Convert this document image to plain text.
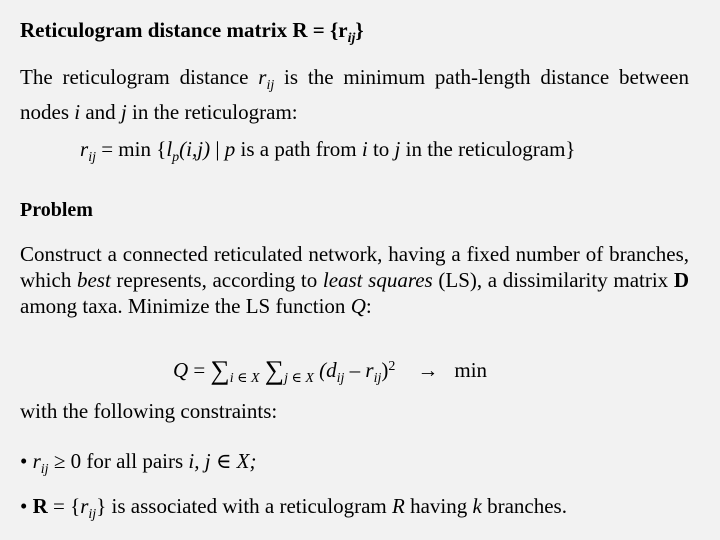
Reticulogram distance matrix $R = \{r_{ij}\}$
The reticulogram distance $r_{ij}$ is the minimum path-length distance between nodes i and j in the reticulogram:
$r_{ij} = \min \{l_p(i,j)$ | p is a path from i to j in the reticulogram}
Problem
Construct a connected reticulated network, having a fixed number of branches, which best represents, according to least squares (LS), a dissimilarity matrix D among taxa. Minimize the LS function Q:
$Q = \sum_{i \in X}$ $\sum_{j \in X}$ $(d_{ij} - r_{ij})^2 \to \min$
with the following constraints:
• $r_{ij} \ge 0$ for all pairs i, j ∈ X;
• $R = \{r_{ij}\}$ is associated with a reticulogram R having k branches.
